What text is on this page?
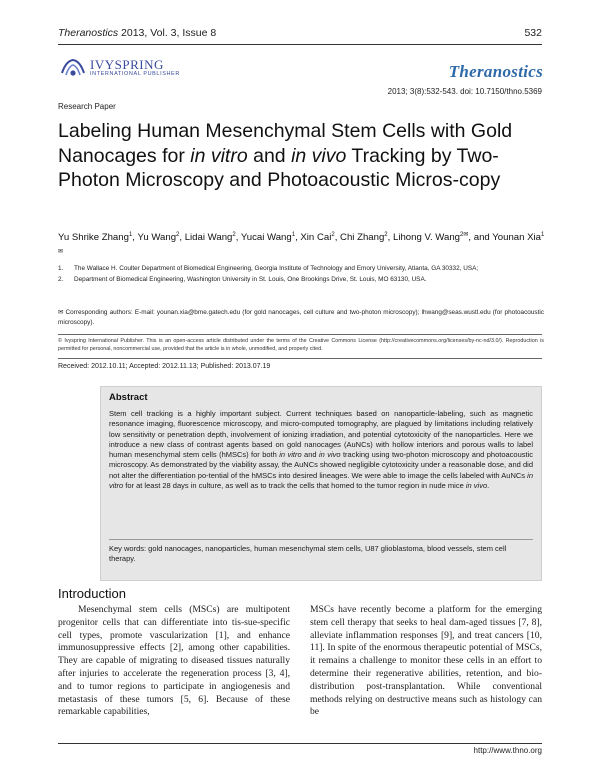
Theranostics 2013, Vol. 3, Issue 8	532
IVYSPRING
INTERNATIONAL PUBLISHER	Theranostics
2013; 3(8):532-543. doi: 10.7150/thno.5369
Research Paper
Labeling Human Mesenchymal Stem Cells with Gold Nanocages for in vitro and in vivo Tracking by Two-Photon Microscopy and Photoacoustic Micros-copy
Yu Shrike Zhang$^1$, Yu Wang$^2$, Lidai Wang$^2$, Yucai Wang$^1$, Xin Cai$^2$, Chi Zhang$^2$, Lihong V. Wang$^{2✉}$, and Younan Xia$^{1✉}$
1. The Wallace H. Coulter Department of Biomedical Engineering, Georgia Institute of Technology and Emory University, Atlanta, GA 30332, USA;
2. Department of Biomedical Engineering, Washington University in St. Louis, One Brookings Drive, St. Louis, MO 63130, USA.
✉ Corresponding authors: E-mail: younan.xia@bme.gatech.edu (for gold nanocages, cell culture and two-photon microscopy); lhwang@seas.wustl.edu (for photoacoustic microscopy).
© Ivyspring International Publisher. This is an open-access article distributed under the terms of the Creative Commons License (http://creativecommons.org/licenses/by-nc-nd/3.0/). Reproduction is permitted for personal, noncommercial use, provided that the article is in whole, unmodified, and properly cited.
Received: 2012.10.11; Accepted: 2012.11.13; Published: 2013.07.19
Abstract

Stem cell tracking is a highly important subject. Current techniques based on nanoparticle-labeling, such as magnetic resonance imaging, fluorescence microscopy, and micro-computed tomography, are plagued by limitations including relatively low sensitivity or penetration depth, involvement of ionizing irradiation, and potential cytotoxicity of the nanoparticles. Here we introduce a new class of contrast agents based on gold nanocages (AuNCs) with hollow interiors and porous walls to label human mesenchymal stem cells (hMSCs) for both in vitro and in vivo tracking using two-photon microscopy and photoacoustic microscopy. As demonstrated by the viability assay, the AuNCs showed negligible cytotoxicity under a reasonable dose, and did not alter the differentiation po-tential of the hMSCs into desired lineages. We were able to image the cells labeled with AuNCs in vitro for at least 28 days in culture, as well as to track the cells that homed to the tumor region in nude mice in vivo.

Key words: gold nanocages, nanoparticles, human mesenchymal stem cells, U87 glioblastoma, blood vessels, stem cell therapy.

Introduction

Mesenchymal stem cells (MSCs) are multipotent progenitor cells that can differentiate into tis-sue-specific cell types, promote vascularization [1], and enhance immunosuppressive effects [2], among other capabilities. They are capable of migrating to diseased tissues naturally after injuries to accelerate the regeneration process [3, 4], and to tumor regions to participate in angiogenesis and metastasis of these tumors [5, 6]. Because of these remarkable capabilities,

MSCs have recently become a platform for the emerging stem cell therapy that seeks to heal dam-aged tissues [7, 8], alleviate inflammation responses [9], and treat cancers [10, 11]. In spite of the enormous therapeutic potential of MSCs, it remains a challenge to monitor these cells in an effort to determine their regenerative abilities, retention, and bio-distribution post-transplantation. While conventional methods relying on destructive means such as histology can be

http://www.thno.org
